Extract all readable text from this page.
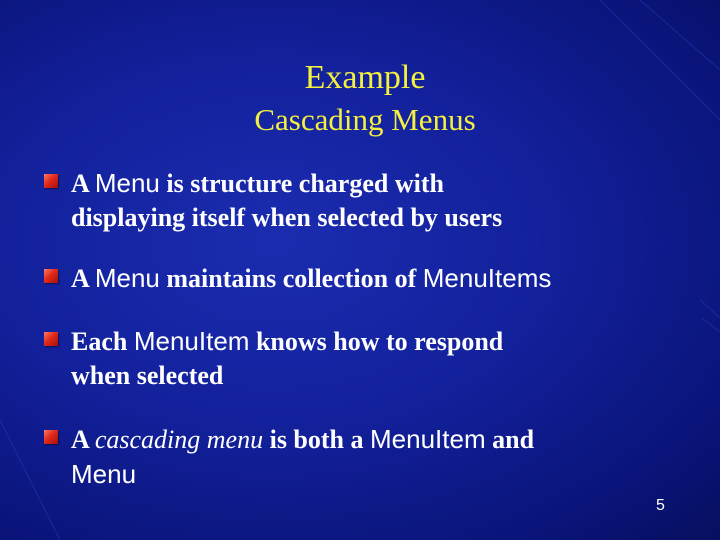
Example
Cascading Menus
A Menu is structure charged with
displaying itself when selected by users
A Menu maintains collection of MenuItems
Each MenuItem knows how to respond
when selected
A cascading menu is both a MenuItem and
Menu
5
